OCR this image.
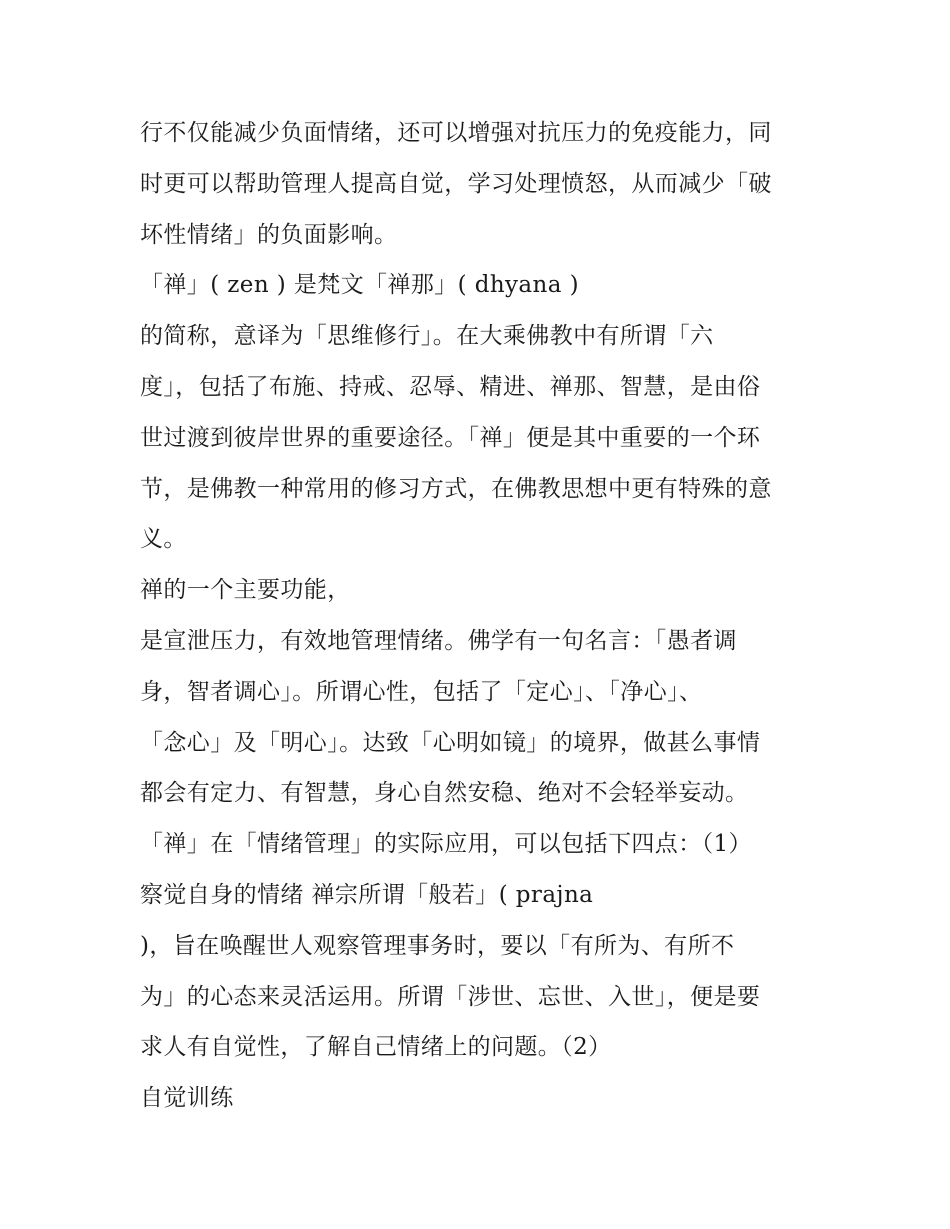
行不仅能减少负面情绪，还可以增强对抗压力的免疫能力，同
时更可以帮助管理人提高自觉，学习处理愤怒，从而减少「破
坏性情绪」的负面影响。
「禅」( zen ) 是梵文「禅那」( dhyana )
的简称，意译为「思维修行」。在大乘佛教中有所谓「六
度」，包括了布施、持戒、忍辱、精进、禅那、智慧，是由俗
世过渡到彼岸世界的重要途径。「禅」便是其中重要的一个环
节，是佛教一种常用的修习方式，在佛教思想中更有特殊的意
义。
禅的一个主要功能，
是宣泄压力，有效地管理情绪。佛学有一句名言：「愚者调
身，智者调心」。所谓心性，包括了「定心」、「净心」、
「念心」及「明心」。达致「心明如镜」的境界，做甚么事情
都会有定力、有智慧，身心自然安稳、绝对不会轻举妄动。
「禅」在「情绪管理」的实际应用，可以包括下四点：（1）
察觉自身的情绪 禅宗所谓「般若」( prajna
)，旨在唤醒世人观察管理事务时，要以「有所为、有所不
为」的心态来灵活运用。所谓「涉世、忘世、入世」，便是要
求人有自觉性，了解自己情绪上的问题。（2）
自觉训练
